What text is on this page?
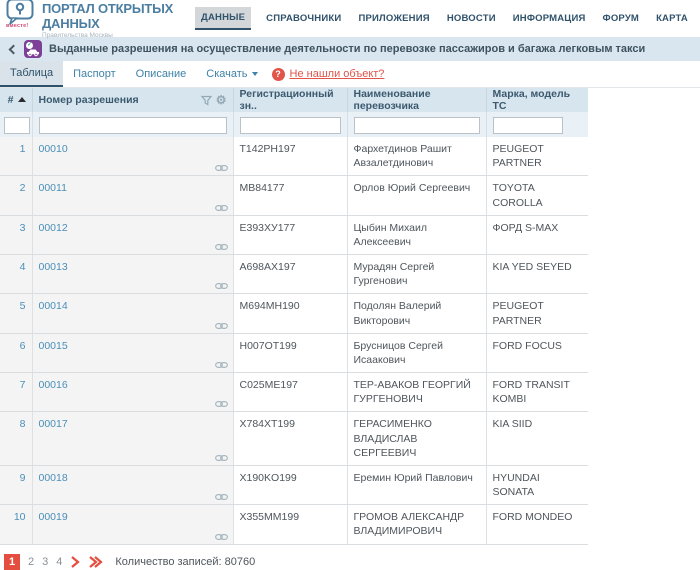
вместе!
ПОРТАЛ ОТКРЫТЫХ ДАННЫХ
Правительства Москвы
ДАННЫЕ	СПРАВОЧНИКИ ПРИЛОЖЕНИЯ НОВОСТИ ИНФОРМАЦИЯ ФОРУМ КАРТА
✓ Выданные разрешения на осуществление деятельности по перевозке пассажиров и багажа легковым такси
Таблица	Паспорт	Описание	Скачать	? Не нашли объект?
#	Номер разрешения ⚙	Регистрационный зн..	Наименование перевозчика	Марка, модель ТС

1	00010	T142PH197	Фархетдинов Рашит Авзалетдинович	PEUGEOT PARTNER
2	00011	MB84177	Орлов Юрий Сергеевич	TOYOTA COROLLA
3	00012	E393XУ177	Цыбин Михаил Алексеевич	ФОРД S-MAX
4	00013	A698AX197	Мурадян Сергей Гургенович	KIA YED SEYED
5	00014	M694MH190	Подолян Валерий Викторович	PEUGEOT PARTNER
6	00015	H007OT199	Брусницов Сергей Исаакович	FORD FOCUS
7	00016	C025ME197	ТЕР-АВАКОВ ГЕОРГИЙ ГУРГЕНОВИЧ	FORD TRANSIT KOMBI
8	00017	X784XT199	ГЕРАСИМЕНКО ВЛАДИСЛАВ СЕРГЕЕВИЧ	KIA SIID
9	00018	X190KO199	Еремин Юрий Павлович	HYUNDAI SONATA
10	00019	X355MM199	ГРОМОВ АЛЕКСАНДР ВЛАДИМИРОВИЧ	FORD MONDEO
1	2 3 4	Количество записей: 80760
